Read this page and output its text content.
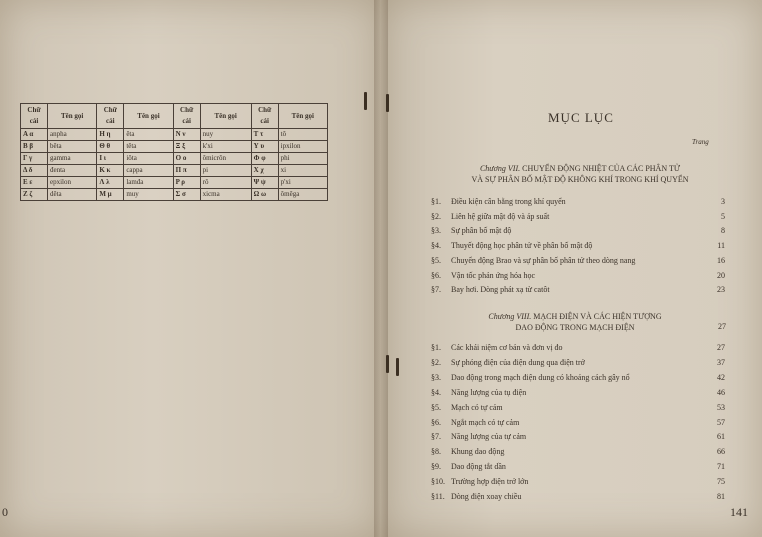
Chữ cái	Tên gọi	Chữ cái	Tên gọi	Chữ cái	Tên gọi	Chữ cái	Tên gọi
Α α	anpha	Η η	êta	Ν ν	nuy	Τ τ	tô
Β β	bêta	Θ θ	têta	Ξ ξ	k'xi	Υ υ	ipxilon
Γ γ	gamma	Ι ι	iôta	Ο ο	ômicrôn	Φ φ	phi
Δ δ	đenta	Κ κ	cappa	Π π	pi	Χ χ	xi
Ε ε	epxilon	Λ λ	lamđa	Ρ ρ	rô	Ψ ψ	p'xi
Ζ ζ	dêta	Μ μ	muy	Σ σ	xicma	Ω ω	ômêga
0
MỤC LỤC
Trang
Chương VII. CHUYỂN ĐỘNG NHIỆT CỦA CÁC PHÂN TỬ
VÀ SỰ PHÂN BỐ MẬT ĐỘ KHÔNG KHÍ TRONG KHÍ QUYỂN
§1. Điều kiện cân bằng trong khí quyển	3
§2. Liên hệ giữa mật độ và áp suất	5
§3. Sự phân bố mật độ	8
§4. Thuyết động học phân tử về phân bố mật độ	11
§5. Chuyển động Brao và sự phân bố phân tử theo dòng nang	16
§6. Vận tốc phản ứng hóa học	20
§7. Bay hơi. Dòng phát xạ từ catôt	23
Chương VIII. MẠCH ĐIỆN VÀ CÁC HIỆN TƯỢNG
DAO ĐỘNG TRONG MẠCH ĐIỆN	27
§1. Các khái niệm cơ bản và đơn vị đo	27
§2. Sự phóng điện của điện dung qua điện trở	37
§3. Dao động trong mạch điện dung có khoảng cách gây nổ	42
§4. Năng lượng của tụ điện	46
§5. Mạch có tự cảm	53
§6. Ngắt mạch có tự cảm	57
§7. Năng lượng của tự cảm	61
§8. Khung dao động	66
§9. Dao động tắt dần	71
§10. Trường hợp điện trở lớn	75
§11. Dòng điện xoay chiều	81
141
